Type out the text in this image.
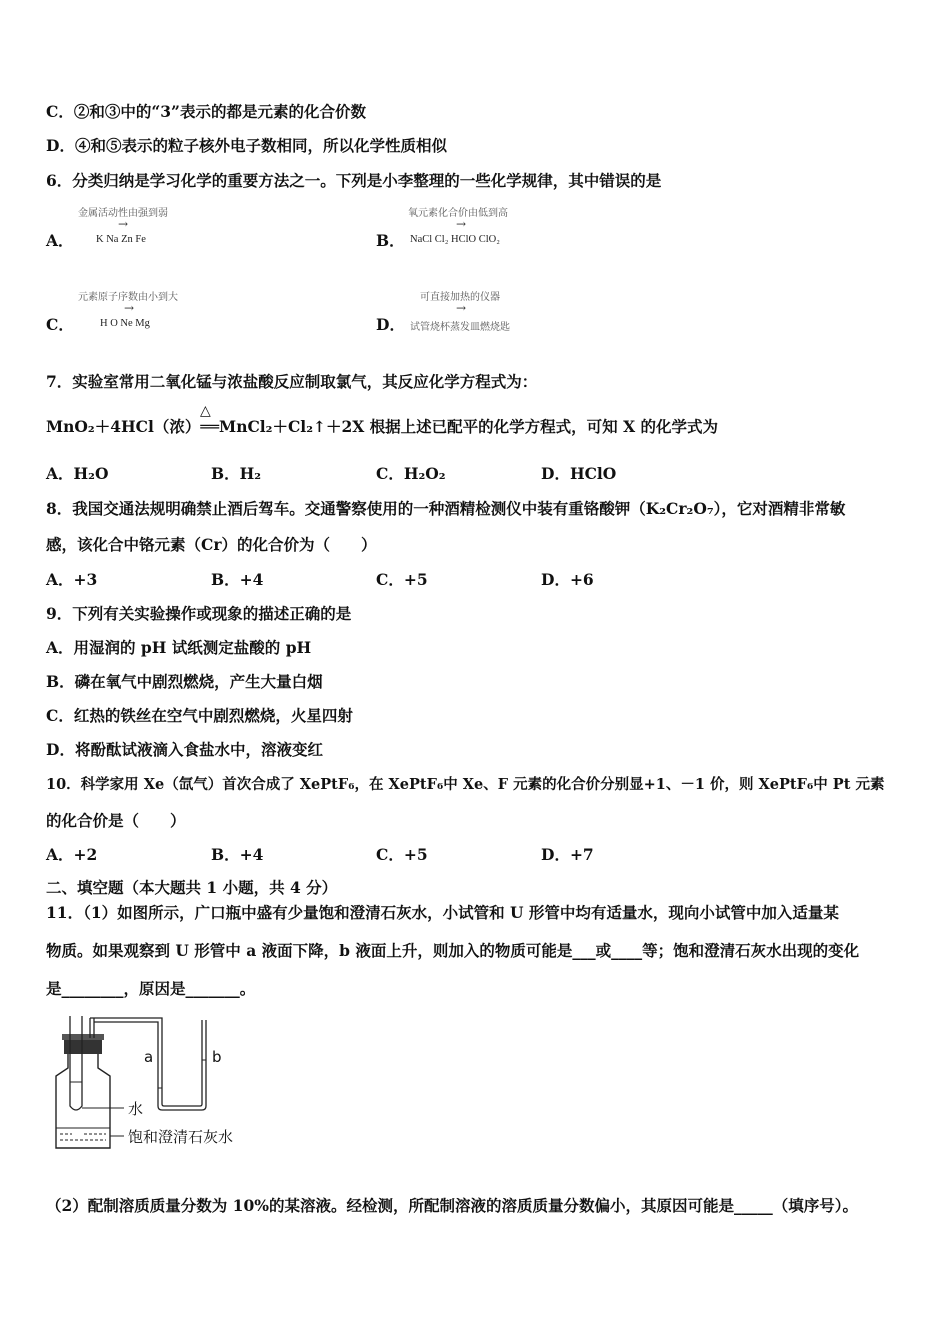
C．②和③中的“3”表示的都是元素的化合价数
D．④和⑤表示的粒子核外电子数相同，所以化学性质相似
6．分类归纳是学习化学的重要方法之一。下列是小李整理的一些化学规律，其中错误的是
A．
金属活动性由强到弱
→
K Na Zn Fe	B．
氧元素化合价由低到高
→
NaCl Cl₂ HClO ClO₂
C．
元素原子序数由小到大
→
H O Ne Mg	D．
可直接加热的仪器
→
试管烧杯蒸发皿燃烧匙
7．实验室常用二氧化锰与浓盐酸反应制取氯气，其反应化学方程式为：
△
MnO₂＋4HCl（浓）══MnCl₂＋Cl₂↑＋2X 根据上述已配平的化学方程式，可知 X 的化学式为
A．H₂O	B．H₂	C．H₂O₂	D．HClO
8．我国交通法规明确禁止酒后驾车。交通警察使用的一种酒精检测仪中装有重铬酸钾（K₂Cr₂O₇），它对酒精非常敏
感，该化合中铬元素（Cr）的化合价为（　　）
A．+3	B．+4	C．+5	D．+6
9．下列有关实验操作或现象的描述正确的是
A．用湿润的 pH 试纸测定盐酸的 pH
B．磷在氧气中剧烈燃烧，产生大量白烟
C．红热的铁丝在空气中剧烈燃烧，火星四射
D．将酚酞试液滴入食盐水中，溶液变红
10．科学家用 Xe（氙气）首次合成了 XePtF₆，在 XePtF₆中 Xe、F 元素的化合价分别显+1、－1 价，则 XePtF₆中 Pt 元素
的化合价是（　　）
A．+2	B．+4	C．+5	D．+7
二、填空题（本大题共 1 小题，共 4 分）
11．（1）如图所示，广口瓶中盛有少量饱和澄清石灰水，小试管和 U 形管中均有适量水，现向小试管中加入适量某
物质。如果观察到 U 形管中 a 液面下降，b 液面上升，则加入的物质可能是___或____等；饱和澄清石灰水出现的变化
是________，原因是_______。
a	b
水
饱和澄清石灰水
（2）配制溶质质量分数为 10%的某溶液。经检测，所配制溶液的溶质质量分数偏小，其原因可能是_____（填序号）。
